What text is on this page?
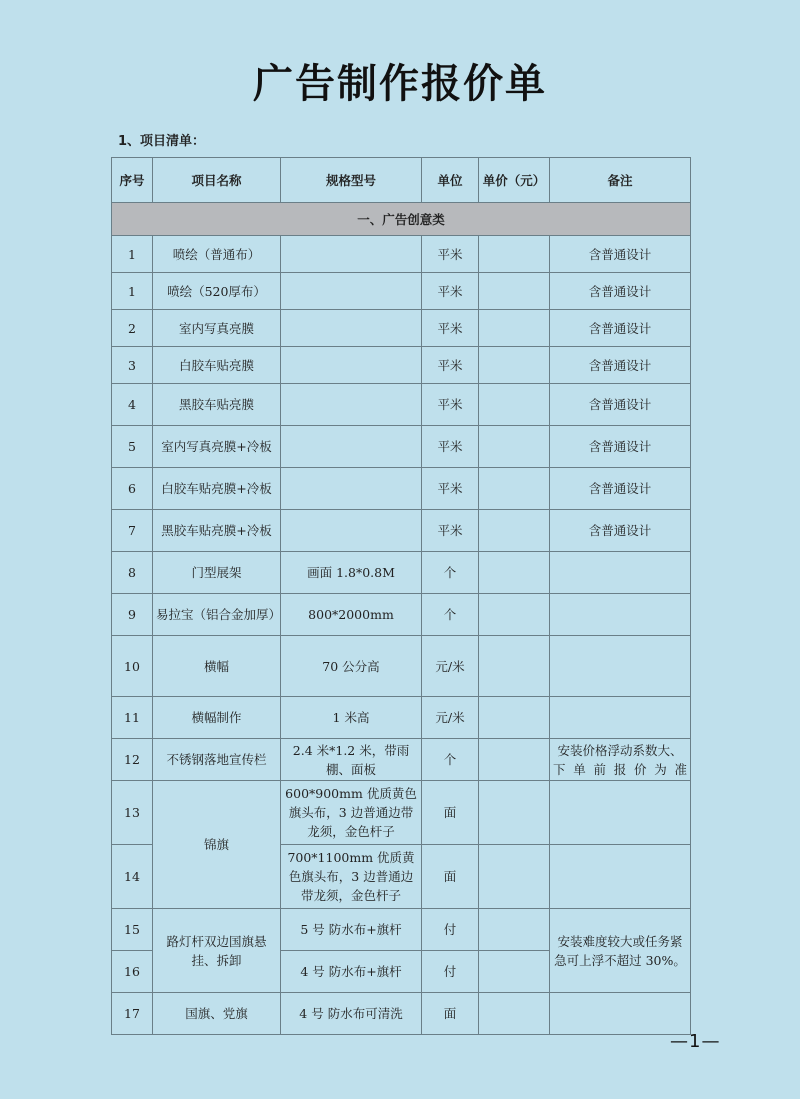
广告制作报价单
1、项目清单：
序号	项目名称	规格型号	单位	单价（元）	备注
一、广告创意类					
1	喷绘（普通布）		平米		含普通设计
1	喷绘（520厚布）		平米		含普通设计
2	室内写真亮膜		平米		含普通设计
3	白胶车贴亮膜		平米		含普通设计
4	黑胶车贴亮膜		平米		含普通设计
5	室内写真亮膜+冷板		平米		含普通设计
6	白胶车贴亮膜+冷板		平米		含普通设计
7	黑胶车贴亮膜+冷板		平米		含普通设计
8	门型展架	画面 1.8*0.8M	个		
9	易拉宝（铝合金加厚）	800*2000mm	个		
10	横幅	70 公分高	元/米		
11	横幅制作	1 米高	元/米		
12	不锈钢落地宣传栏	2.4 米*1.2 米，带雨棚、面板	个		安装价格浮动系数大、下单前报价为准
13	锦旗	600*900mm 优质黄色旗头布，3 边普通边带龙须，金色杆子	面		
14		700*1100mm 优质黄色旗头布，3 边普通边带龙须，金色杆子	面		
15	路灯杆双边国旗悬挂、拆卸	5 号 防水布+旗杆	付		安装难度较大或任务紧急可上浮不超过 30%。
16		4 号 防水布+旗杆	付		
17	国旗、党旗	4 号 防水布可清洗	面		
—1—
